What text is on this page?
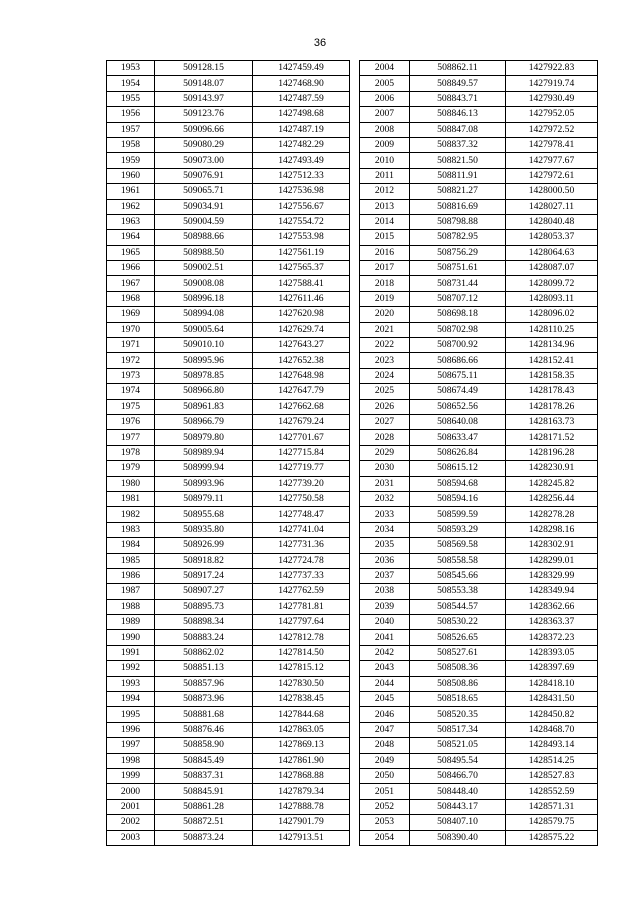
36
1953	509128.15	1427459.49
1954	509148.07	1427468.90
1955	509143.97	1427487.59
1956	509123.76	1427498.68
1957	509096.66	1427487.19
1958	509080.29	1427482.29
1959	509073.00	1427493.49
1960	509076.91	1427512.33
1961	509065.71	1427536.98
1962	509034.91	1427556.67
1963	509004.59	1427554.72
1964	508988.66	1427553.98
1965	508988.50	1427561.19
1966	509002.51	1427565.37
1967	509008.08	1427588.41
1968	508996.18	1427611.46
1969	508994.08	1427620.98
1970	509005.64	1427629.74
1971	509010.10	1427643.27
1972	508995.96	1427652.38
1973	508978.85	1427648.98
1974	508966.80	1427647.79
1975	508961.83	1427662.68
1976	508966.79	1427679.24
1977	508979.80	1427701.67
1978	508989.94	1427715.84
1979	508999.94	1427719.77
1980	508993.96	1427739.20
1981	508979.11	1427750.58
1982	508955.68	1427748.47
1983	508935.80	1427741.04
1984	508926.99	1427731.36
1985	508918.82	1427724.78
1986	508917.24	1427737.33
1987	508907.27	1427762.59
1988	508895.73	1427781.81
1989	508898.34	1427797.64
1990	508883.24	1427812.78
1991	508862.02	1427814.50
1992	508851.13	1427815.12
1993	508857.96	1427830.50
1994	508873.96	1427838.45
1995	508881.68	1427844.68
1996	508876.46	1427863.05
1997	508858.90	1427869.13
1998	508845.49	1427861.90
1999	508837.31	1427868.88
2000	508845.91	1427879.34
2001	508861.28	1427888.78
2002	508872.51	1427901.79
2003	508873.24	1427913.51
2004	508862.11	1427922.83
2005	508849.57	1427919.74
2006	508843.71	1427930.49
2007	508846.13	1427952.05
2008	508847.08	1427972.52
2009	508837.32	1427978.41
2010	508821.50	1427977.67
2011	508811.91	1427972.61
2012	508821.27	1428000.50
2013	508816.69	1428027.11
2014	508798.88	1428040.48
2015	508782.95	1428053.37
2016	508756.29	1428064.63
2017	508751.61	1428087.07
2018	508731.44	1428099.72
2019	508707.12	1428093.11
2020	508698.18	1428096.02
2021	508702.98	1428110.25
2022	508700.92	1428134.96
2023	508686.66	1428152.41
2024	508675.11	1428158.35
2025	508674.49	1428178.43
2026	508652.56	1428178.26
2027	508640.08	1428163.73
2028	508633.47	1428171.52
2029	508626.84	1428196.28
2030	508615.12	1428230.91
2031	508594.68	1428245.82
2032	508594.16	1428256.44
2033	508599.59	1428278.28
2034	508593.29	1428298.16
2035	508569.58	1428302.91
2036	508558.58	1428299.01
2037	508545.66	1428329.99
2038	508553.38	1428349.94
2039	508544.57	1428362.66
2040	508530.22	1428363.37
2041	508526.65	1428372.23
2042	508527.61	1428393.05
2043	508508.36	1428397.69
2044	508508.86	1428418.10
2045	508518.65	1428431.50
2046	508520.35	1428450.82
2047	508517.34	1428468.70
2048	508521.05	1428493.14
2049	508495.54	1428514.25
2050	508466.70	1428527.83
2051	508448.40	1428552.59
2052	508443.17	1428571.31
2053	508407.10	1428579.75
2054	508390.40	1428575.22
